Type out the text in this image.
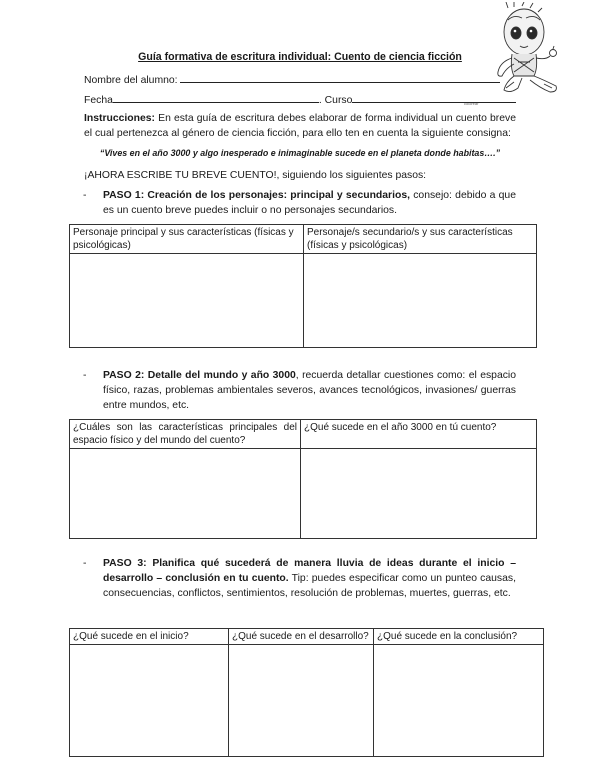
colorear
Guía formativa de escritura individual: Cuento de ciencia ficción
Nombre del alumno:
Fecha	. Curso
Instrucciones: En esta guía de escritura debes elaborar de forma individual un cuento breve el cual pertenezca al género de ciencia ficción, para ello ten en cuenta la siguiente consigna:
“Vives en el año 3000 y algo inesperado e inimaginable sucede en el planeta donde habitas….”
¡AHORA ESCRIBE TU BREVE CUENTO!, siguiendo los siguientes pasos:
- PASO 1: Creación de los personajes: principal y secundarios, consejo: debido a que es un cuento breve puedes incluir o no personajes secundarios.
Personaje principal y sus características (físicas y psicológicas)	Personaje/s secundario/s y sus características (físicas y psicológicas)

- PASO 2: Detalle del mundo y año 3000, recuerda detallar cuestiones como: el espacio físico, razas, problemas ambientales severos, avances tecnológicos, invasiones/ guerras entre mundos, etc.
¿Cuáles son las características principales del espacio físico y del mundo del cuento?	¿Qué sucede en el año 3000 en tú cuento?

- PASO 3: Planifica qué sucederá de manera lluvia de ideas durante el inicio – desarrollo – conclusión en tu cuento. Tip: puedes especificar como un punteo causas, consecuencias, conflictos, sentimientos, resolución de problemas, muertes, guerras, etc.
¿Qué sucede en el inicio?	¿Qué sucede en el desarrollo?	¿Qué sucede en la conclusión?
